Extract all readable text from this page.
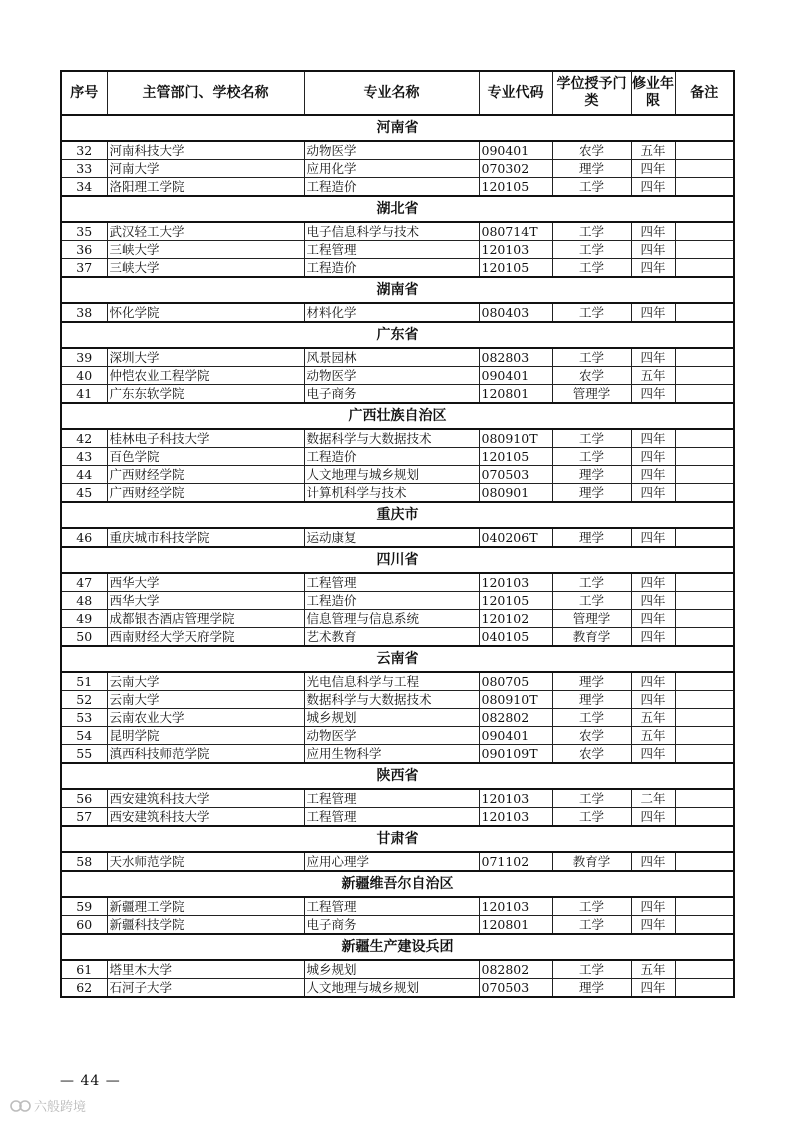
序号	主管部门、学校名称	专业名称	专业代码	学位授予门类	修业年限	备注
河南省						
32	河南科技大学	动物医学	090401	农学	五年	
33	河南大学	应用化学	070302	理学	四年	
34	洛阳理工学院	工程造价	120105	工学	四年	
湖北省						
35	武汉轻工大学	电子信息科学与技术	080714T	工学	四年	
36	三峡大学	工程管理	120103	工学	四年	
37	三峡大学	工程造价	120105	工学	四年	
湖南省						
38	怀化学院	材料化学	080403	工学	四年	
广东省						
39	深圳大学	风景园林	082803	工学	四年	
40	仲恺农业工程学院	动物医学	090401	农学	五年	
41	广东东软学院	电子商务	120801	管理学	四年	
广西壮族自治区						
42	桂林电子科技大学	数据科学与大数据技术	080910T	工学	四年	
43	百色学院	工程造价	120105	工学	四年	
44	广西财经学院	人文地理与城乡规划	070503	理学	四年	
45	广西财经学院	计算机科学与技术	080901	理学	四年	
重庆市						
46	重庆城市科技学院	运动康复	040206T	理学	四年	
四川省						
47	西华大学	工程管理	120103	工学	四年	
48	西华大学	工程造价	120105	工学	四年	
49	成都银杏酒店管理学院	信息管理与信息系统	120102	管理学	四年	
50	西南财经大学天府学院	艺术教育	040105	教育学	四年	
云南省						
51	云南大学	光电信息科学与工程	080705	理学	四年	
52	云南大学	数据科学与大数据技术	080910T	理学	四年	
53	云南农业大学	城乡规划	082802	工学	五年	
54	昆明学院	动物医学	090401	农学	五年	
55	滇西科技师范学院	应用生物科学	090109T	农学	四年	
陕西省						
56	西安建筑科技大学	工程管理	120103	工学	二年	
57	西安建筑科技大学	工程管理	120103	工学	四年	
甘肃省						
58	天水师范学院	应用心理学	071102	教育学	四年	
新疆维吾尔自治区						
59	新疆理工学院	工程管理	120103	工学	四年	
60	新疆科技学院	电子商务	120801	工学	四年	
新疆生产建设兵团						
61	塔里木大学	城乡规划	082802	工学	五年	
62	石河子大学	人文地理与城乡规划	070503	理学	四年	
— 44 —
六般跨境
